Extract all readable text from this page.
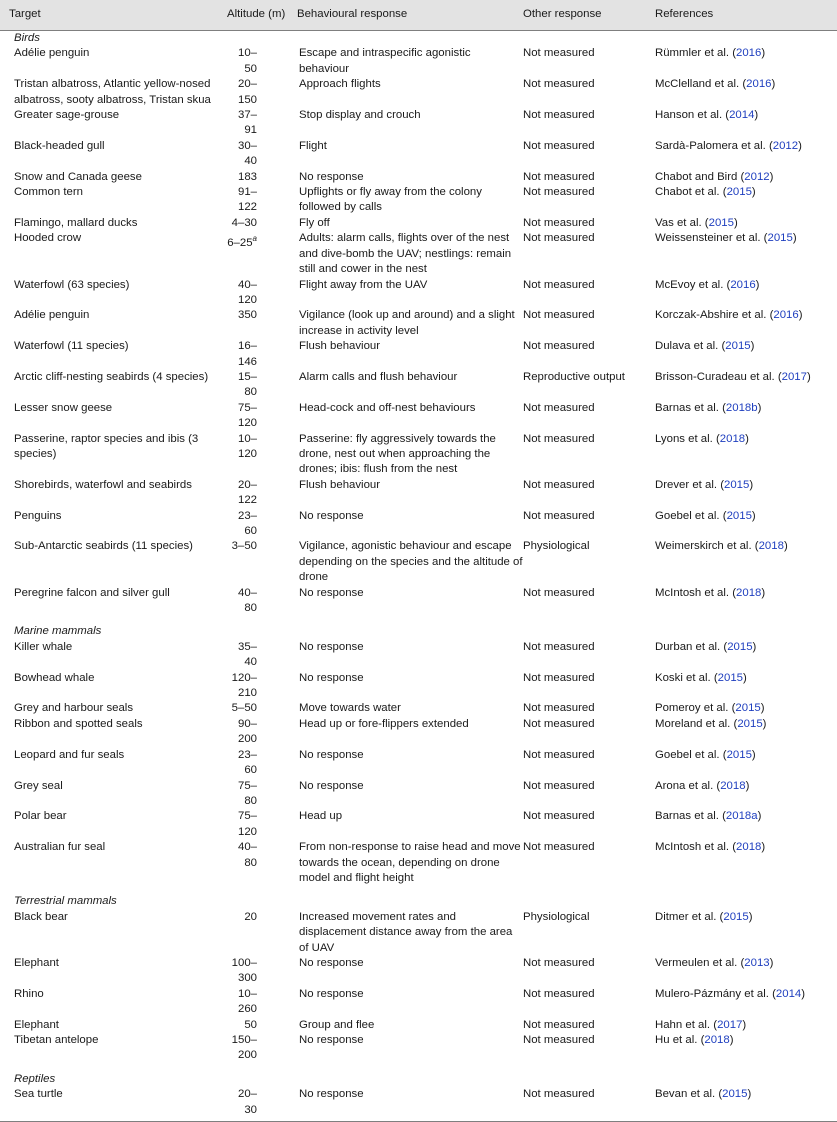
Target	Altitude (m)	Behavioural response	Other response	References
Birds				
Adélie penguin	10–50	Escape and intraspecific agonistic behaviour	Not measured	Rümmler et al. (2016)
Tristan albatross, Atlantic yellow-nosed albatross, sooty albatross, Tristan skua	20–150	Approach flights	Not measured	McClelland et al. (2016)
Greater sage-grouse	37–91	Stop display and crouch	Not measured	Hanson et al. (2014)
Black-headed gull	30–40	Flight	Not measured	Sardà-Palomera et al. (2012)
Snow and Canada geese	183	No response	Not measured	Chabot and Bird (2012)
Common tern	91–122	Upflights or fly away from the colony followed by calls	Not measured	Chabot et al. (2015)
Flamingo, mallard ducks	4–30	Fly off	Not measured	Vas et al. (2015)
Hooded crow	6–25$^a$	Adults: alarm calls, flights over of the nest and dive-bomb the UAV; nestlings: remain still and cower in the nest	Not measured	Weissensteiner et al. (2015)
Waterfowl (63 species)	40–120	Flight away from the UAV	Not measured	McEvoy et al. (2016)
Adélie penguin	350	Vigilance (look up and around) and a slight increase in activity level	Not measured	Korczak-Abshire et al. (2016)
Waterfowl (11 species)	16–146	Flush behaviour	Not measured	Dulava et al. (2015)
Arctic cliff-nesting seabirds (4 species)	15–80	Alarm calls and flush behaviour	Reproductive output	Brisson-Curadeau et al. (2017)
Lesser snow geese	75–120	Head-cock and off-nest behaviours	Not measured	Barnas et al. (2018b)
Passerine, raptor species and ibis (3 species)	10–120	Passerine: fly aggressively towards the drone, nest out when approaching the drones; ibis: flush from the nest	Not measured	Lyons et al. (2018)
Shorebirds, waterfowl and seabirds	20–122	Flush behaviour	Not measured	Drever et al. (2015)
Penguins	23–60	No response	Not measured	Goebel et al. (2015)
Sub-Antarctic seabirds (11 species)	3–50	Vigilance, agonistic behaviour and escape depending on the species and the altitude of drone	Physiological	Weimerskirch et al. (2018)
Peregrine falcon and silver gull	40–80	No response	Not measured	McIntosh et al. (2018)

Marine mammals				
Killer whale	35–40	No response	Not measured	Durban et al. (2015)
Bowhead whale	120–210	No response	Not measured	Koski et al. (2015)
Grey and harbour seals	5–50	Move towards water	Not measured	Pomeroy et al. (2015)
Ribbon and spotted seals	90–200	Head up or fore-flippers extended	Not measured	Moreland et al. (2015)
Leopard and fur seals	23–60	No response	Not measured	Goebel et al. (2015)
Grey seal	75–80	No response	Not measured	Arona et al. (2018)
Polar bear	75–120	Head up	Not measured	Barnas et al. (2018a)
Australian fur seal	40–80	From non-response to raise head and move towards the ocean, depending on drone model and flight height	Not measured	McIntosh et al. (2018)

Terrestrial mammals				
Black bear	20	Increased movement rates and displacement distance away from the area of UAV	Physiological	Ditmer et al. (2015)
Elephant	100–300	No response	Not measured	Vermeulen et al. (2013)
Rhino	10–260	No response	Not measured	Mulero-Pázmány et al. (2014)
Elephant	50	Group and flee	Not measured	Hahn et al. (2017)
Tibetan antelope	150–200	No response	Not measured	Hu et al. (2018)

Reptiles				
Sea turtle	20–30	No response	Not measured	Bevan et al. (2015)
